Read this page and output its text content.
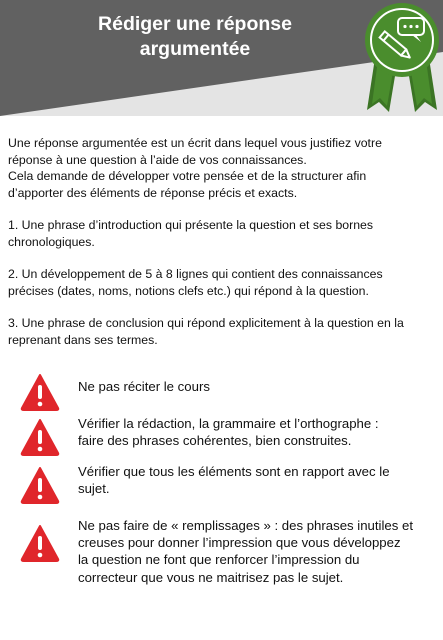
Rédiger une réponse
argumentée

Une réponse argumentée est un écrit dans lequel vous justifiez votre
réponse à une question à l’aide de vos connaissances.
Cela demande de développer votre pensée et de la structurer afin
d’apporter des éléments de réponse précis et exacts.

1. Une phrase d’introduction qui présente la question et ses bornes
chronologiques.

2. Un développement de 5 à 8 lignes qui contient des connaissances
précises (dates, noms, notions clefs etc.) qui répond à la question.

3. Une phrase de conclusion qui répond explicitement à la question en la
reprenant dans ses termes.

Ne pas réciter le cours
Vérifier la rédaction, la grammaire et l’orthographe :
faire des phrases cohérentes, bien construites.
Vérifier que tous les éléments sont en rapport avec le
sujet.
Ne pas faire de « remplissages » : des phrases inutiles et
creuses pour donner l’impression que vous développez
la question ne font que renforcer l’impression du
correcteur que vous ne maitrisez pas le sujet.
